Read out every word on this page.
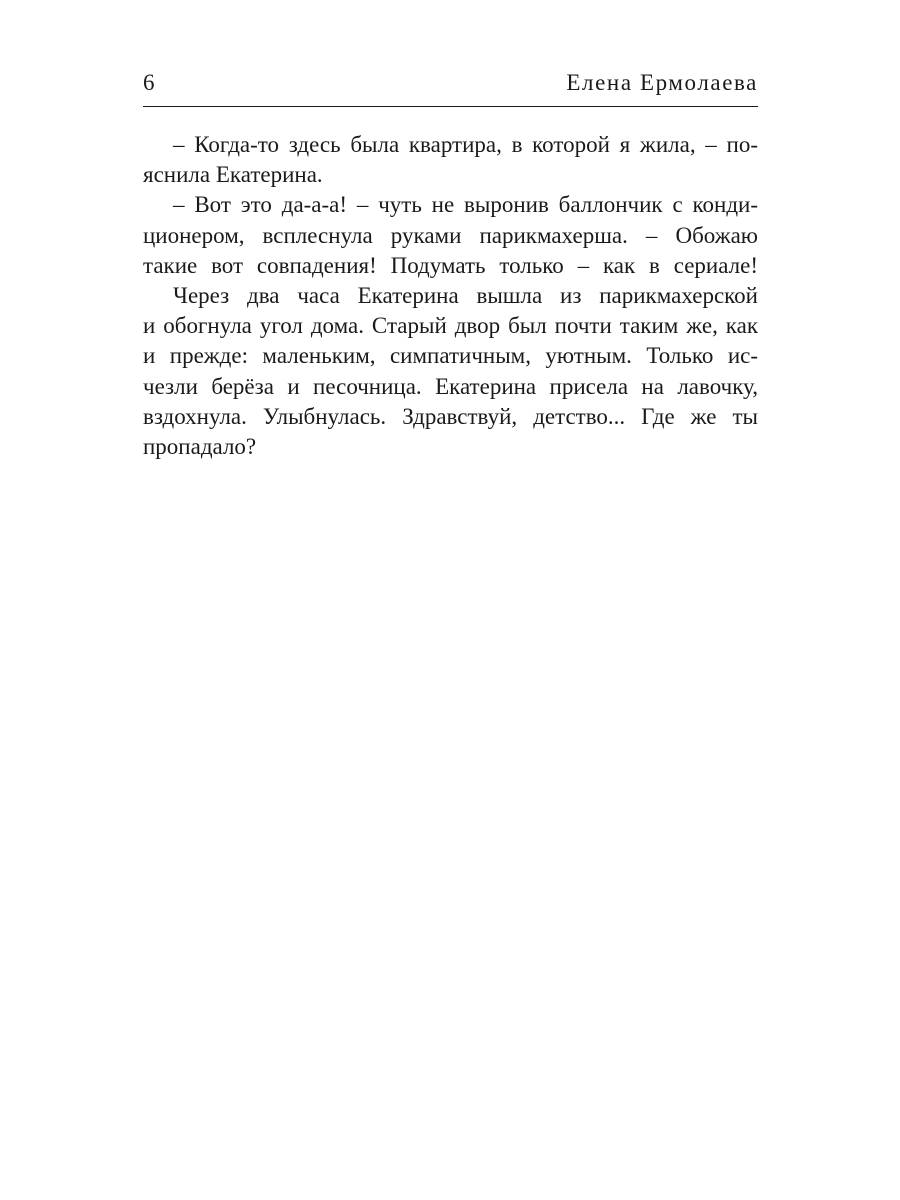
6	Елена Ермолаева

– Когда-то здесь была квартира, в которой я жила, – по-
яснила Екатерина.

– Вот это да-а-а! – чуть не выронив баллончик с конди-
ционером, всплеснула руками парикмахерша. – Обожаю
такие вот совпадения! Подумать только – как в сериале!

Через два часа Екатерина вышла из парикмахерской
и обогнула угол дома. Старый двор был почти таким же, как
и прежде: маленьким, симпатичным, уютным. Только ис-
чезли берёза и песочница. Екатерина присела на лавочку,
вздохнула. Улыбнулась. Здравствуй, детство... Где же ты
пропадало?
